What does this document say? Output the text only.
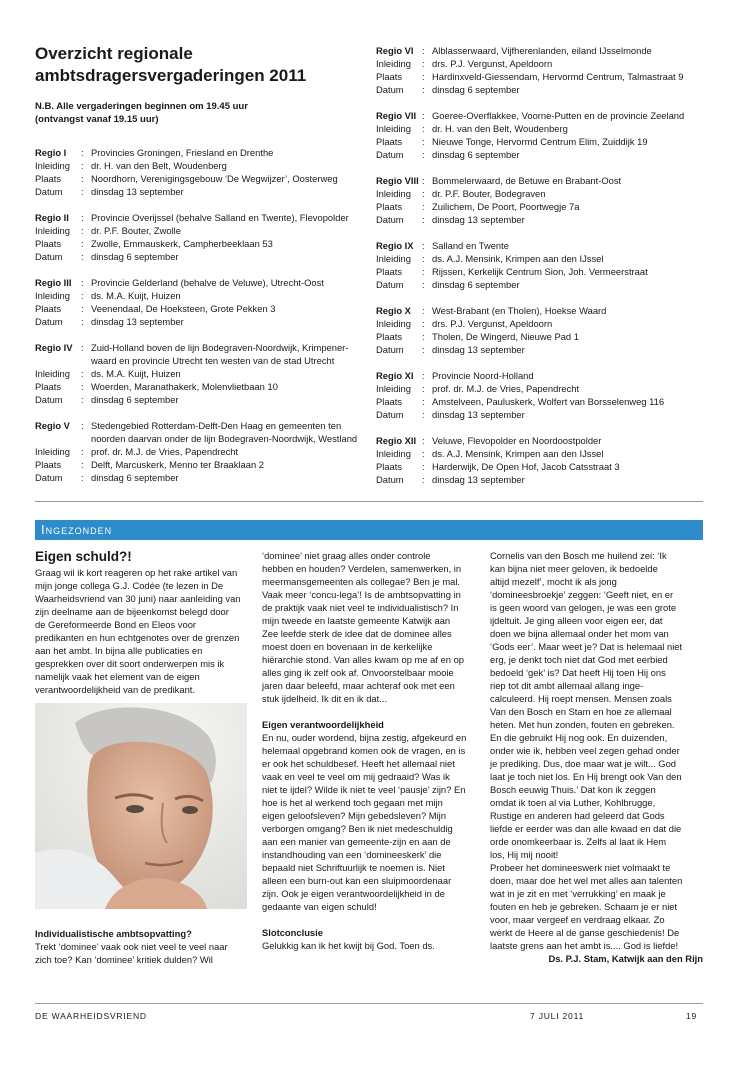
Overzicht regionale
ambtsdragersvergaderingen 2011
N.B. Alle vergaderingen beginnen om 19.45 uur
(ontvangst vanaf 19.15 uur)
Regio I	: Provincies Groningen, Friesland en Drenthe
Inleiding	: dr. H. van den Belt, Woudenberg
Plaats	: Noordhorn, Verenigingsgebouw ‘De Wegwijzer’, Oosterweg
Datum	: dinsdag 13 september
Regio II	: Provincie Overijssel (behalve Salland en Twente), Flevopolder
Inleiding	: dr. P.F. Bouter, Zwolle
Plaats	: Zwolle, Emmauskerk, Campherbeeklaan 53
Datum	: dinsdag 6 september
Regio III	: Provincie Gelderland (behalve de Veluwe), Utrecht-Oost
Inleiding	: ds. M.A. Kuijt, Huizen
Plaats	: Veenendaal, De Hoeksteen, Grote Pekken 3
Datum	: dinsdag 13 september
Regio IV : Zuid-Holland boven de lijn Bodegraven-Noordwijk, Krimpener-
waard en provincie Utrecht ten westen van de stad Utrecht
Inleiding	: ds. M.A. Kuijt, Huizen
Plaats	: Woerden, Maranathakerk, Molenvlietbaan 10
Datum	: dinsdag 6 september
Regio V	: Stedengebied Rotterdam-Delft-Den Haag en gemeenten ten
noorden daarvan onder de lijn Bodegraven-Noordwijk, Westland
Inleiding	: prof. dr. M.J. de Vries, Papendrecht
Plaats	: Delft, Marcuskerk, Menno ter Braaklaan 2
Datum	: dinsdag 6 september
Regio VI : Alblasserwaard, Vijfherenlanden, eiland IJsselmonde
Inleiding	: drs. P.J. Vergunst, Apeldoorn
Plaats	: Hardinxveld-Giessendam, Hervormd Centrum, Talmastraat 9
Datum	: dinsdag 6 september
Regio VII : Goeree-Overflakkee, Voorne-Putten en de provincie Zeeland
Inleiding	: dr. H. van den Belt, Woudenberg
Plaats	: Nieuwe Tonge, Hervormd Centrum Elim, Zuiddijk 19
Datum	: dinsdag 6 september
Regio VIII : Bommelerwaard, de Betuwe en Brabant-Oost
Inleiding	: dr. P.F. Bouter, Bodegraven
Plaats	: Zuilichem, De Poort, Poortwegje 7a
Datum	: dinsdag 13 september
Regio IX : Salland en Twente
Inleiding	: ds. A.J. Mensink, Krimpen aan den IJssel
Plaats	: Rijssen, Kerkelijk Centrum Sion, Joh. Vermeerstraat
Datum	: dinsdag 6 september
Regio X	: West-Brabant (en Tholen), Hoekse Waard
Inleiding	: drs. P.J. Vergunst, Apeldoorn
Plaats	: Tholen, De Wingerd, Nieuwe Pad 1
Datum	: dinsdag 13 september
Regio XI : Provincie Noord-Holland
Inleiding	: prof. dr. M.J. de Vries, Papendrecht
Plaats	: Amstelveen, Pauluskerk, Wolfert van Borsselenweg 116
Datum	: dinsdag 13 september
Regio XII : Veluwe, Flevopolder en Noordoostpolder
Inleiding	: ds. A.J. Mensink, Krimpen aan den IJssel
Plaats	: Harderwijk, De Open Hof, Jacob Catsstraat 3
Datum	: dinsdag 13 september
Ingezonden
Eigen schuld?!
Graag wil ik kort reageren op het rake artikel van
mijn jonge collega G.J. Codée (te lezen in De
Waarheidsvriend van 30 juni) naar aanleiding van
zijn deelname aan de bijeenkomst belegd door
de Gereformeerde Bond en Eleos voor
predikanten en hun echtgenotes over de grenzen
aan het ambt. In bijna alle publicaties en
gesprekken over dit soort onderwerpen mis ik
namelijk vaak het element van de eigen
verantwoordelijkheid van de predikant.
Individualistische ambtsopvatting?
Trekt ‘dominee’ vaak ook niet veel te veel naar
zich toe? Kan ‘dominee’ kritiek dulden? Wil
‘dominee’ niet graag alles onder controle
hebben en houden? Verdelen, samenwerken, in
meermansgemeenten als collegae? Ben je mal.
Vaak meer ‘concu-lega’! Is de ambtsopvatting in
de praktijk vaak niet veel te individualistisch? In
mijn tweede en laatste gemeente Katwijk aan
Zee leefde sterk de idee dat de dominee alles
moest doen en bovenaan in de kerkelijke
hiërarchie stond. Van alles kwam op me af en op
alles ging ik zelf ook af. Onvoorstelbaar mooie
jaren daar beleefd, maar achteraf ook met een
stuk ijdelheid. Ik dit en ik dat...
Eigen verantwoordelijkheid
En nu, ouder wordend, bijna zestig, afgekeurd en
helemaal opgebrand komen ook de vragen, en is
er ook het schuldbesef. Heeft het allemaal niet
vaak en veel te veel om mij gedraaid? Was ik
niet te ijdel? Wilde ik niet te veel ‘pausje’ zijn? En
hoe is het al werkend toch gegaan met mijn
eigen geloofsleven? Mijn gebedsleven? Mijn
verborgen omgang? Ben ik niet medeschuldig
aan een manier van gemeente-zijn en aan de
instandhouding van een ‘domineeskerk’ die
bepaald niet Schriftuurlijk te noemen is. Niet
alleen een burn-out kan een sluipmoordenaar
zijn. Ook je eigen verantwoordelijkheid in de
gedaante van eigen schuld!
Slotconclusie
Gelukkig kan ik het kwijt bij God. Toen ds.
Cornelis van den Bosch me huilend zei: ‘Ik
kan bijna niet meer geloven, ik bedoelde
altijd mezelf’, mocht ik als jong
‘domineesbroekje’ zeggen: ‘Geeft niet, en er
is geen woord van gelogen, je was een grote
ijdeltuit. Je ging alleen voor eigen eer, dat
doen we bijna allemaal onder het mom van
‘Gods eer’. Maar weet je? Dat is helemaal niet
erg, je denkt toch niet dat God met eerbied
bedoeld ‘gek’ is? Dat heeft Hij toen Hij ons
riep tot dit ambt allemaal allang inge-
calculeerd. Hij roept mensen. Mensen zoals
Van den Bosch en Stam en hoe ze allemaal
heten. Met hun zonden, fouten en gebreken.
En die gebruikt Hij nog ook. En duizenden,
onder wie ik, hebben veel zegen gehad onder
je prediking. Dus, doe maar wat je wilt... God
laat je toch niet los. En Hij brengt ook Van den
Bosch eeuwig Thuis.’ Dat kon ik zeggen
omdat ik toen al via Luther, Kohlbrugge,
Rustige en anderen had geleerd dat Gods
liefde er eerder was dan alle kwaad en dat die
orde onomkeerbaar is. Zelfs al laat ik Hem
los, Hij mij nooit!
Probeer het domineeswerk niet volmaakt te
doen, maar doe het wel met alles aan talenten
wat in je zit en met ‘verrukking’ en maak je
fouten en heb je gebreken. Schaam je er niet
voor, maar vergeef en verdraag elkaar. Zo
werkt de Heere al de ganse geschiedenis! De
laatste grens aan het ambt is.... God is liefde!
Ds. P.J. Stam, Katwijk aan den Rijn
DE WAARHEIDSVRIEND	7 JULI 2011	19
